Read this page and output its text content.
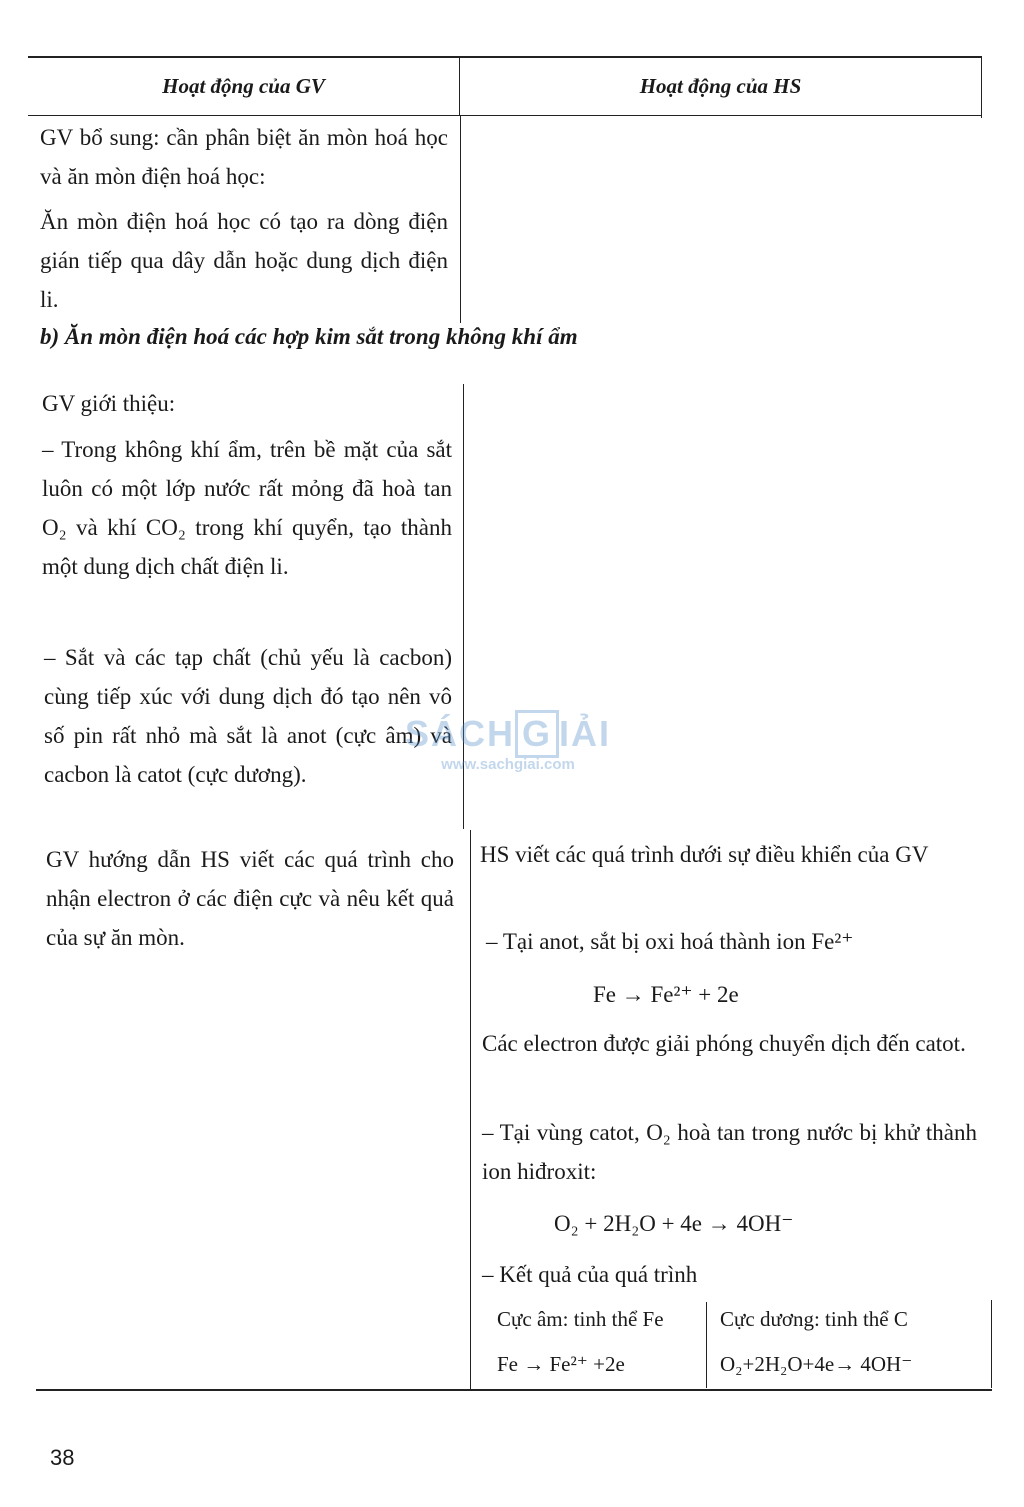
Hoạt động của GV	Hoạt động của HS
GV bổ sung: cần phân biệt ăn mòn hoá học và ăn mòn điện hoá học:
Ăn mòn điện hoá học có tạo ra dòng điện gián tiếp qua dây dẫn hoặc dung dịch điện li.
b) Ăn mòn điện hoá các hợp kim sắt trong không khí ẩm
GV giới thiệu:
– Trong không khí ẩm, trên bề mặt của sắt luôn có một lớp nước rất mỏng đã hoà tan O₂ và khí CO₂ trong khí quyển, tạo thành một dung dịch chất điện li.
– Sắt và các tạp chất (chủ yếu là cacbon) cùng tiếp xúc với dung dịch đó tạo nên vô số pin rất nhỏ mà sắt là anot (cực âm) và cacbon là catot (cực dương).
GV hướng dẫn HS viết các quá trình cho nhận electron ở các điện cực và nêu kết quả của sự ăn mòn.
HS viết các quá trình dưới sự điều khiển của GV
– Tại anot, sắt bị oxi hoá thành ion Fe²⁺
Fe → Fe²⁺ + 2e
Các electron được giải phóng chuyển dịch đến catot.
– Tại vùng catot, O₂ hoà tan trong nước bị khử thành ion hiđroxit:
O₂ + 2H₂O + 4e → 4OH⁻
– Kết quả của quá trình
Cực âm: tinh thể Fe
Fe → Fe²⁺ +2e
Cực dương: tinh thể C
O₂+2H₂O+4e→ 4OH⁻
SÁCH G IẢI
www.sachgiai.com
38
